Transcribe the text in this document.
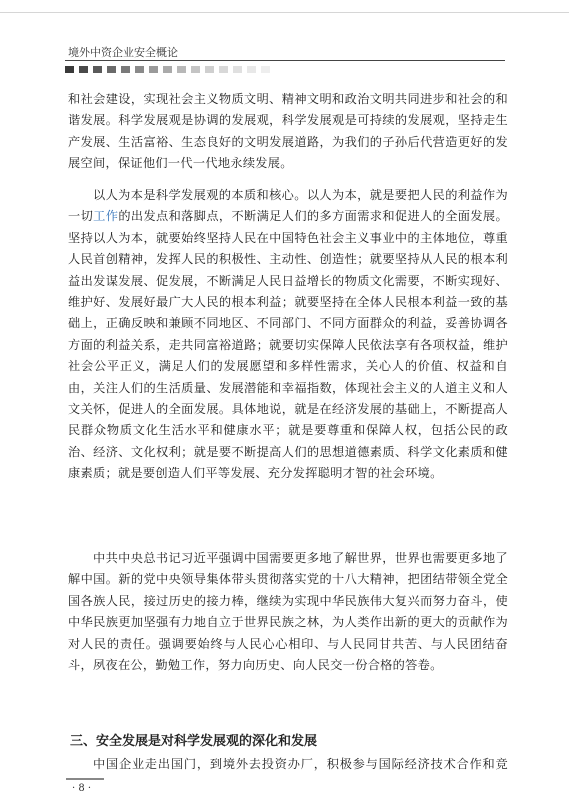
境外中资企业安全概论

和社会建设，实现社会主义物质文明、精神文明和政治文明共同进步和社会的和谐发展。科学发展观是协调的发展观，科学发展观是可持续的发展观，坚持走生产发展、生活富裕、生态良好的文明发展道路，为我们的子孙后代营造更好的发展空间，保证他们一代一代地永续发展。

以人为本是科学发展观的本质和核心。以人为本，就是要把人民的利益作为一切工作的出发点和落脚点，不断满足人们的多方面需求和促进人的全面发展。坚持以人为本，就要始终坚持人民在中国特色社会主义事业中的主体地位，尊重人民首创精神，发挥人民的积极性、主动性、创造性；就要坚持从人民的根本利益出发谋发展、促发展，不断满足人民日益增长的物质文化需要，不断实现好、维护好、发展好最广大人民的根本利益；就要坚持在全体人民根本利益一致的基础上，正确反映和兼顾不同地区、不同部门、不同方面群众的利益，妥善协调各方面的利益关系，走共同富裕道路；就要切实保障人民依法享有各项权益，维护社会公平正义，满足人们的发展愿望和多样性需求，关心人的价值、权益和自由，关注人们的生活质量、发展潜能和幸福指数，体现社会主义的人道主义和人文关怀，促进人的全面发展。具体地说，就是在经济发展的基础上，不断提高人民群众物质文化生活水平和健康水平；就是要尊重和保障人权，包括公民的政治、经济、文化权利；就是要不断提高人们的思想道德素质、科学文化素质和健康素质；就是要创造人们平等发展、充分发挥聪明才智的社会环境。

中共中央总书记习近平强调中国需要更多地了解世界，世界也需要更多地了解中国。新的党中央领导集体带头贯彻落实党的十八大精神，把团结带领全党全国各族人民，接过历史的接力棒，继续为实现中华民族伟大复兴而努力奋斗，使中华民族更加坚强有力地自立于世界民族之林，为人类作出新的更大的贡献作为对人民的责任。强调要始终与人民心心相印、与人民同甘共苦、与人民团结奋斗，夙夜在公，勤勉工作，努力向历史、向人民交一份合格的答卷。

三、安全发展是对科学发展观的深化和发展

中国企业走出国门，到境外去投资办厂，积极参与国际经济技术合作和竞

· 8 ·
